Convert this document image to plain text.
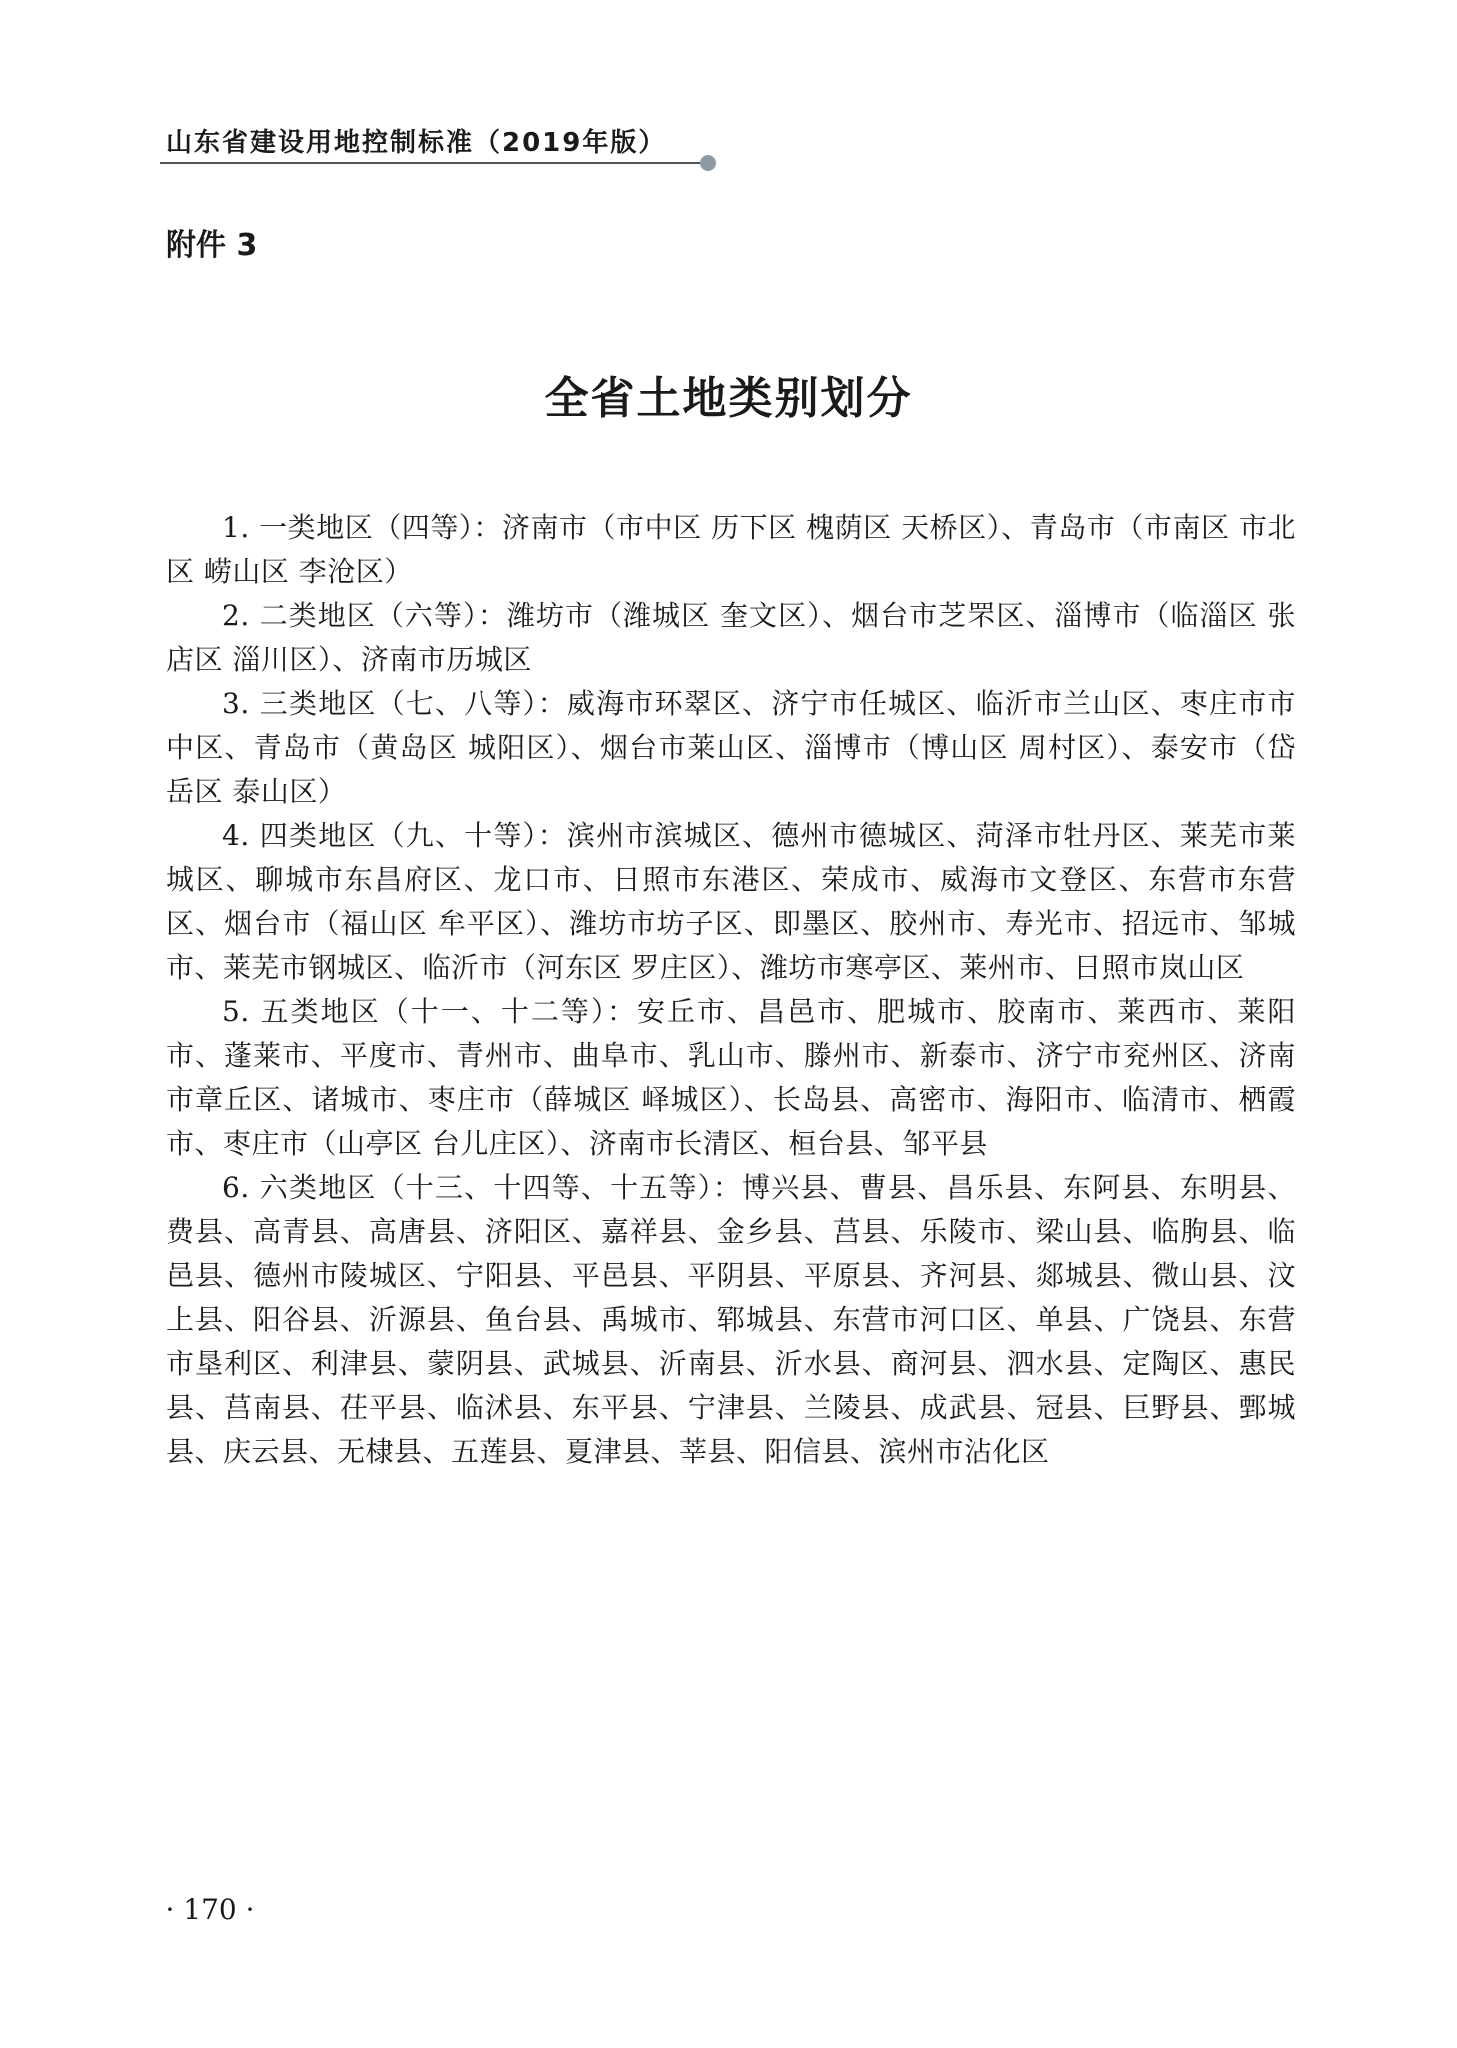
山东省建设用地控制标准（2019年版）
附件 3
全省土地类别划分

1. 一类地区（四等）：济南市（市中区 历下区 槐荫区 天桥区）、青岛市（市南区 市北区 崂山区 李沧区）

2. 二类地区（六等）：潍坊市（潍城区 奎文区）、烟台市芝罘区、淄博市（临淄区 张店区 淄川区）、济南市历城区

3. 三类地区（七、八等）：威海市环翠区、济宁市任城区、临沂市兰山区、枣庄市市中区、青岛市（黄岛区 城阳区）、烟台市莱山区、淄博市（博山区 周村区）、泰安市（岱岳区 泰山区）

4. 四类地区（九、十等）：滨州市滨城区、德州市德城区、菏泽市牡丹区、莱芜市莱城区、聊城市东昌府区、龙口市、日照市东港区、荣成市、威海市文登区、东营市东营区、烟台市（福山区 牟平区）、潍坊市坊子区、即墨区、胶州市、寿光市、招远市、邹城市、莱芜市钢城区、临沂市（河东区 罗庄区）、潍坊市寒亭区、莱州市、日照市岚山区

5. 五类地区（十一、十二等）：安丘市、昌邑市、肥城市、胶南市、莱西市、莱阳市、蓬莱市、平度市、青州市、曲阜市、乳山市、滕州市、新泰市、济宁市兖州区、济南市章丘区、诸城市、枣庄市（薛城区 峄城区）、长岛县、高密市、海阳市、临清市、栖霞市、枣庄市（山亭区 台儿庄区）、济南市长清区、桓台县、邹平县

6. 六类地区（十三、十四等、十五等）：博兴县、曹县、昌乐县、东阿县、东明县、费县、高青县、高唐县、济阳区、嘉祥县、金乡县、莒县、乐陵市、梁山县、临朐县、临邑县、德州市陵城区、宁阳县、平邑县、平阴县、平原县、齐河县、郯城县、微山县、汶上县、阳谷县、沂源县、鱼台县、禹城市、郓城县、东营市河口区、单县、广饶县、东营市垦利区、利津县、蒙阴县、武城县、沂南县、沂水县、商河县、泗水县、定陶区、惠民县、莒南县、茌平县、临沭县、东平县、宁津县、兰陵县、成武县、冠县、巨野县、鄄城县、庆云县、无棣县、五莲县、夏津县、莘县、阳信县、滨州市沾化区

· 170 ·
